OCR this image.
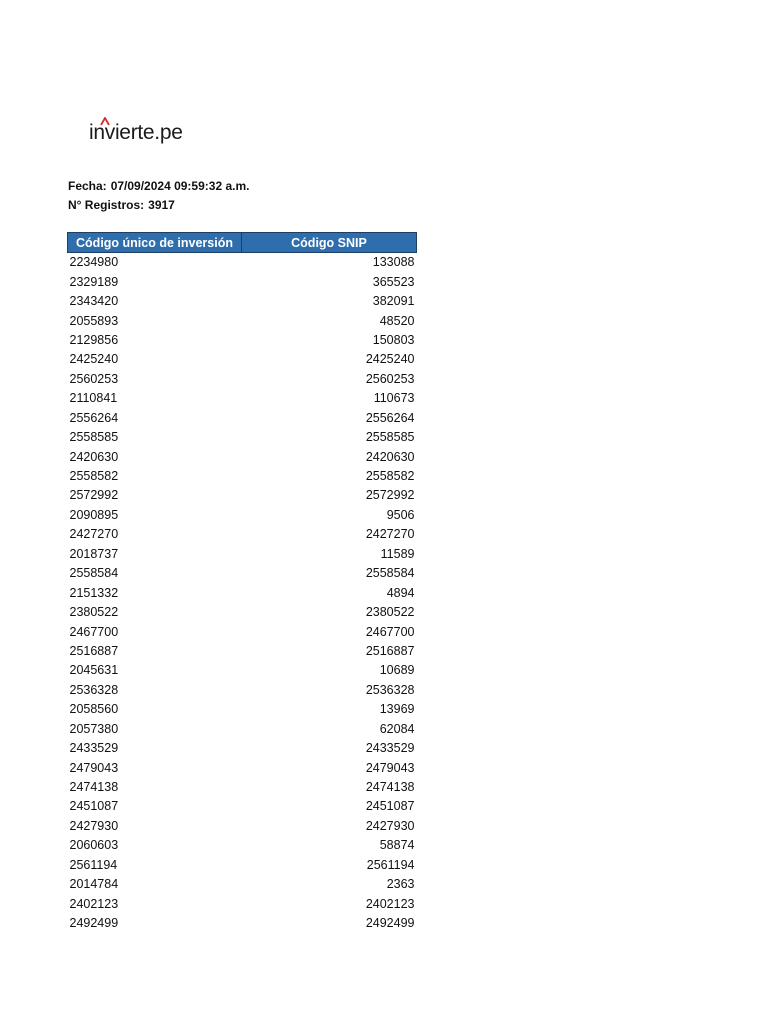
invierte.pe
Fecha: 07/09/2024 09:59:32 a.m.
N° Registros: 3917
Código único de inversión	Código SNIP
2234980	133088
2329189	365523
2343420	382091
2055893	48520
2129856	150803
2425240	2425240
2560253	2560253
2110841	110673
2556264	2556264
2558585	2558585
2420630	2420630
2558582	2558582
2572992	2572992
2090895	9506
2427270	2427270
2018737	11589
2558584	2558584
2151332	4894
2380522	2380522
2467700	2467700
2516887	2516887
2045631	10689
2536328	2536328
2058560	13969
2057380	62084
2433529	2433529
2479043	2479043
2474138	2474138
2451087	2451087
2427930	2427930
2060603	58874
2561194	2561194
2014784	2363
2402123	2402123
2492499	2492499
